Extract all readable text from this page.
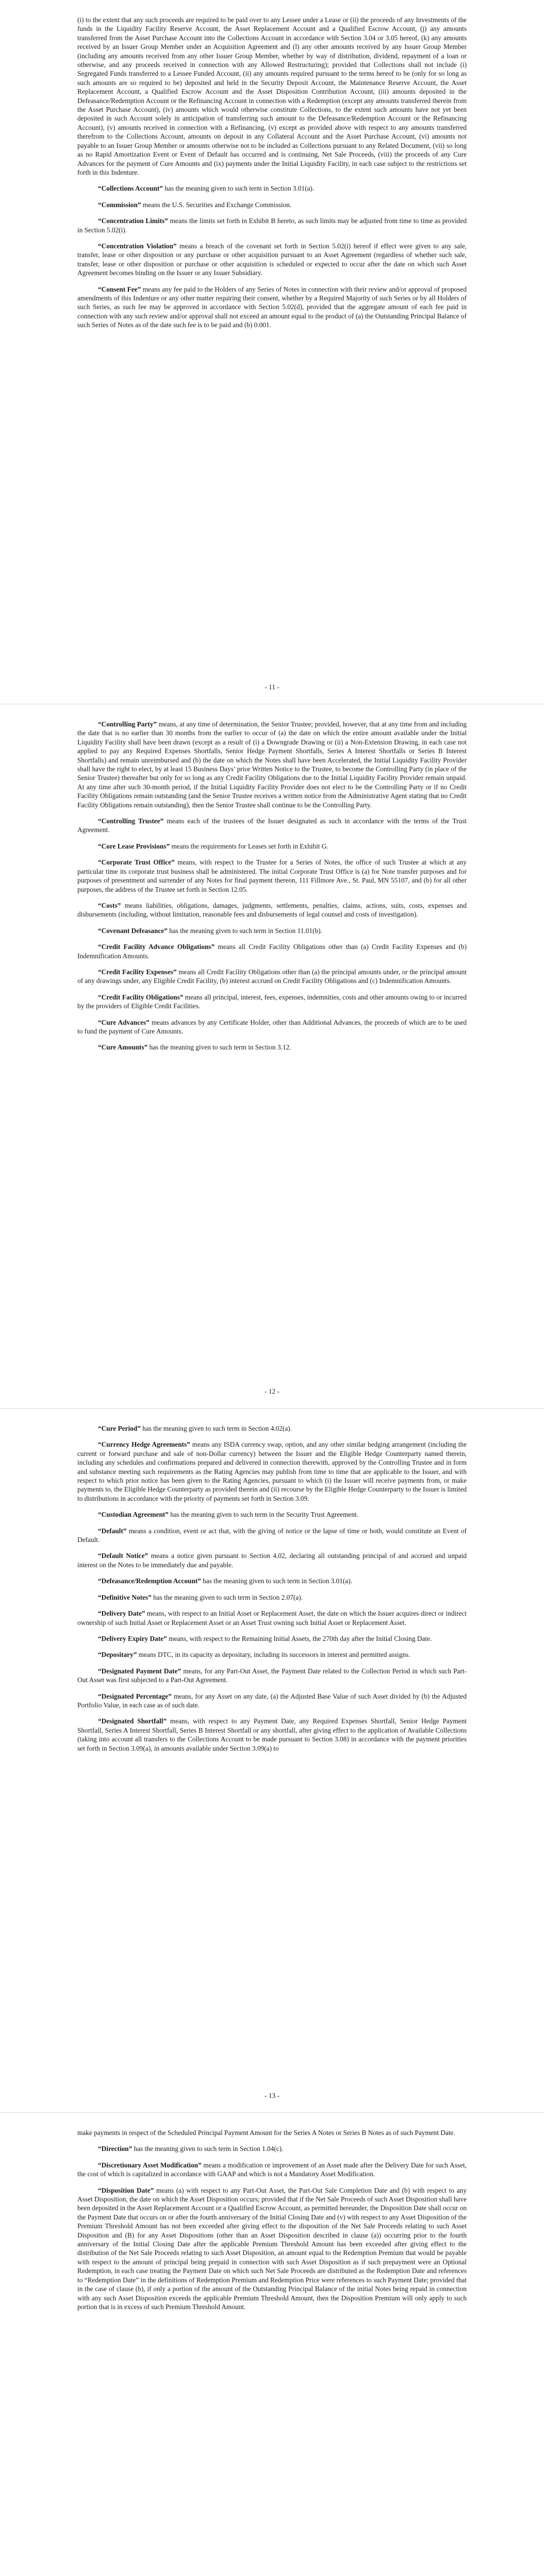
(i) to the extent that any such proceeds are required to be paid over to any Lessee under a Lease or (ii) the proceeds of any Investments of the funds in the Liquidity Facility Reserve Account, the Asset Replacement Account and a Qualified Escrow Account, (j) any amounts transferred from the Asset Purchase Account into the Collections Account in accordance with Section 3.04 or 3.05 hereof, (k) any amounts received by an Issuer Group Member under an Acquisition Agreement and (l) any other amounts received by any Issuer Group Member (including any amounts received from any other Issuer Group Member, whether by way of distribution, dividend, repayment of a loan or otherwise, and any proceeds received in connection with any Allowed Restructuring); provided that Collections shall not include (i) Segregated Funds transferred to a Lessee Funded Account, (ii) any amounts required pursuant to the terms hereof to be (only for so long as such amounts are so required to be) deposited and held in the Security Deposit Account, the Maintenance Reserve Account, the Asset Replacement Account, a Qualified Escrow Account and the Asset Disposition Contribution Account, (iii) amounts deposited in the Defeasance/Redemption Account or the Refinancing Account in connection with a Redemption (except any amounts transferred therein from the Asset Purchase Account), (iv) amounts which would otherwise constitute Collections, to the extent such amounts have not yet been deposited in such Account solely in anticipation of transferring such amount to the Defeasance/Redemption Account or the Refinancing Account), (v) amounts received in connection with a Refinancing, (v) except as provided above with respect to any amounts transferred therefrom to the Collections Account, amounts on deposit in any Collateral Account and the Asset Purchase Account, (vi) amounts not payable to an Issuer Group Member or amounts otherwise not to be included as Collections pursuant to any Related Document, (vii) so long as no Rapid Amortization Event or Event of Default has occurred and is continuing, Net Sale Proceeds, (viii) the proceeds of any Cure Advances for the payment of Cure Amounts and (ix) payments under the Initial Liquidity Facility, in each case subject to the restrictions set forth in this Indenture.

“Collections Account” has the meaning given to such term in Section 3.01(a).

“Commission” means the U.S. Securities and Exchange Commission.

“Concentration Limits” means the limits set forth in Exhibit B hereto, as such limits may be adjusted from time to time as provided in Section 5.02(i).

“Concentration Violation” means a breach of the covenant set forth in Section 5.02(i) hereof if effect were given to any sale, transfer, lease or other disposition or any purchase or other acquisition pursuant to an Asset Agreement (regardless of whether such sale, transfer, lease or other disposition or purchase or other acquisition is scheduled or expected to occur after the date on which such Asset Agreement becomes binding on the Issuer or any Issuer Subsidiary.

“Consent Fee” means any fee paid to the Holders of any Series of Notes in connection with their review and/or approval of proposed amendments of this Indenture or any other matter requiring their consent, whether by a Required Majority of such Series or by all Holders of such Series, as such fee may be approved in accordance with Section 5.02(d), provided that the aggregate amount of each fee paid in connection with any such review and/or approval shall not exceed an amount equal to the product of (a) the Outstanding Principal Balance of such Series of Notes as of the date such fee is to be paid and (b) 0.001.

- 11 -

“Controlling Party” means, at any time of determination, the Senior Trustee; provided, however, that at any time from and including the date that is no earlier than 30 months from the earlier to occur of (a) the date on which the entire amount available under the Initial Liquidity Facility shall have been drawn (except as a result of (i) a Downgrade Drawing or (ii) a Non-Extension Drawing, in each case not applied to pay any Required Expenses Shortfalls, Senior Hedge Payment Shortfalls, Series A Interest Shortfalls or Series B Interest Shortfalls) and remain unreimbursed and (b) the date on which the Notes shall have been Accelerated, the Initial Liquidity Facility Provider shall have the right to elect, by at least 15 Business Days’ prior Written Notice to the Trustee, to become the Controlling Party (in place of the Senior Trustee) thereafter but only for so long as any Credit Facility Obligations due to the Initial Liquidity Facility Provider remain unpaid. At any time after such 30-month period, if the Initial Liquidity Facility Provider does not elect to be the Controlling Party or if no Credit Facility Obligations remain outstanding (and the Senior Trustee receives a written notice from the Administrative Agent stating that no Credit Facility Obligations remain outstanding), then the Senior Trustee shall continue to be the Controlling Party.

“Controlling Trustee” means each of the trustees of the Issuer designated as such in accordance with the terms of the Trust Agreement.

“Core Lease Provisions” means the requirements for Leases set forth in Exhibit G.

“Corporate Trust Office” means, with respect to the Trustee for a Series of Notes, the office of such Trustee at which at any particular time its corporate trust business shall be administered. The initial Corporate Trust Office is (a) for Note transfer purposes and for purposes of presentment and surrender of any Notes for final payment thereon, 111 Fillmore Ave., St. Paul, MN 55107, and (b) for all other purposes, the address of the Trustee set forth in Section 12.05.

“Costs” means liabilities, obligations, damages, judgments, settlements, penalties, claims, actions, suits, costs, expenses and disbursements (including, without limitation, reasonable fees and disbursements of legal counsel and costs of investigation).

“Covenant Defeasance” has the meaning given to such term in Section 11.01(b).

“Credit Facility Advance Obligations” means all Credit Facility Obligations other than (a) Credit Facility Expenses and (b) Indemnification Amounts.

“Credit Facility Expenses” means all Credit Facility Obligations other than (a) the principal amounts under, or the principal amount of any drawings under, any Eligible Credit Facility, (b) interest accrued on Credit Facility Obligations and (c) Indemnification Amounts.

“Credit Facility Obligations” means all principal, interest, fees, expenses, indemnities, costs and other amounts owing to or incurred by the providers of Eligible Credit Facilities.

“Cure Advances” means advances by any Certificate Holder, other than Additional Advances, the proceeds of which are to be used to fund the payment of Cure Amounts.

“Cure Amounts” has the meaning given to such term in Section 3.12.

- 12 -

“Cure Period” has the meaning given to such term in Section 4.02(a).

“Currency Hedge Agreements” means any ISDA currency swap, option, and any other similar hedging arrangement (including the current or forward purchase and sale of non-Dollar currency) between the Issuer and the Eligible Hedge Counterparty named therein, including any schedules and confirmations prepared and delivered in connection therewith, approved by the Controlling Trustee and in form and substance meeting such requirements as the Rating Agencies may publish from time to time that are applicable to the Issuer, and with respect to which prior notice has been given to the Rating Agencies, pursuant to which (i) the Issuer will receive payments from, or make payments to, the Eligible Hedge Counterparty as provided therein and (ii) recourse by the Eligible Hedge Counterparty to the Issuer is limited to distributions in accordance with the priority of payments set forth in Section 3.09.

“Custodian Agreement” has the meaning given to such term in the Security Trust Agreement.

“Default” means a condition, event or act that, with the giving of notice or the lapse of time or both, would constitute an Event of Default.

“Default Notice” means a notice given pursuant to Section 4.02, declaring all outstanding principal of and accrued and unpaid interest on the Notes to be immediately due and payable.

“Defeasance/Redemption Account” has the meaning given to such term in Section 3.01(a).

“Definitive Notes” has the meaning given to such term in Section 2.07(a).

“Delivery Date” means, with respect to an Initial Asset or Replacement Asset, the date on which the Issuer acquires direct or indirect ownership of such Initial Asset or Replacement Asset or an Asset Trust owning such Initial Asset or Replacement Asset.

“Delivery Expiry Date” means, with respect to the Remaining Initial Assets, the 270th day after the Initial Closing Date.

“Depositary” means DTC, in its capacity as depositary, including its successors in interest and permitted assigns.

“Designated Payment Date” means, for any Part-Out Asset, the Payment Date related to the Collection Period in which such Part-Out Asset was first subjected to a Part-Out Agreement.

“Designated Percentage” means, for any Asset on any date, (a) the Adjusted Base Value of such Asset divided by (b) the Adjusted Portfolio Value, in each case as of such date.

“Designated Shortfall” means, with respect to any Payment Date, any Required Expenses Shortfall, Senior Hedge Payment Shortfall, Series A Interest Shortfall, Series B Interest Shortfall or any shortfall, after giving effect to the application of Available Collections (taking into account all transfers to the Collections Account to be made pursuant to Section 3.08) in accordance with the payment priorities set forth in Section 3.09(a), in amounts available under Section 3.09(a) to

- 13 -

make payments in respect of the Scheduled Principal Payment Amount for the Series A Notes or Series B Notes as of such Payment Date.

“Direction” has the meaning given to such term in Section 1.04(c).

“Discretionary Asset Modification” means a modification or improvement of an Asset made after the Delivery Date for such Asset, the cost of which is capitalized in accordance with GAAP and which is not a Mandatory Asset Modification.

“Disposition Date” means (a) with respect to any Part-Out Asset, the Part-Out Sale Completion Date and (b) with respect to any Asset Disposition, the date on which the Asset Disposition occurs; provided that if the Net Sale Proceeds of such Asset Disposition shall have been deposited in the Asset Replacement Account or a Qualified Escrow Account, as permitted hereunder, the Disposition Date shall occur on the Payment Date that occurs on or after the fourth anniversary of the Initial Closing Date and (v) with respect to any Asset Disposition of the Premium Threshold Amount has not been exceeded after giving effect to the disposition of the Net Sale Proceeds relating to such Asset Disposition and (B) for any Asset Dispositions (other than an Asset Disposition described in clause (a)) occurring prior to the fourth anniversary of the Initial Closing Date after the applicable Premium Threshold Amount has been exceeded after giving effect to the distribution of the Net Sale Proceeds relating to such Asset Disposition, an amount equal to the Redemption Premium that would be payable with respect to the amount of principal being prepaid in connection with such Asset Disposition as if such prepayment were an Optional Redemption, in each case treating the Payment Date on which such Net Sale Proceeds are distributed as the Redemption Date and references to “Redemption Date” in the definitions of Redemption Premium and Redemption Price were references to such Payment Date; provided that in the case of clause (b), if only a portion of the amount of the Outstanding Principal Balance of the initial Notes being repaid in connection with any such Asset Disposition exceeds the applicable Premium Threshold Amount, then the Disposition Premium will only apply to such portion that is in excess of such Premium Threshold Amount.
